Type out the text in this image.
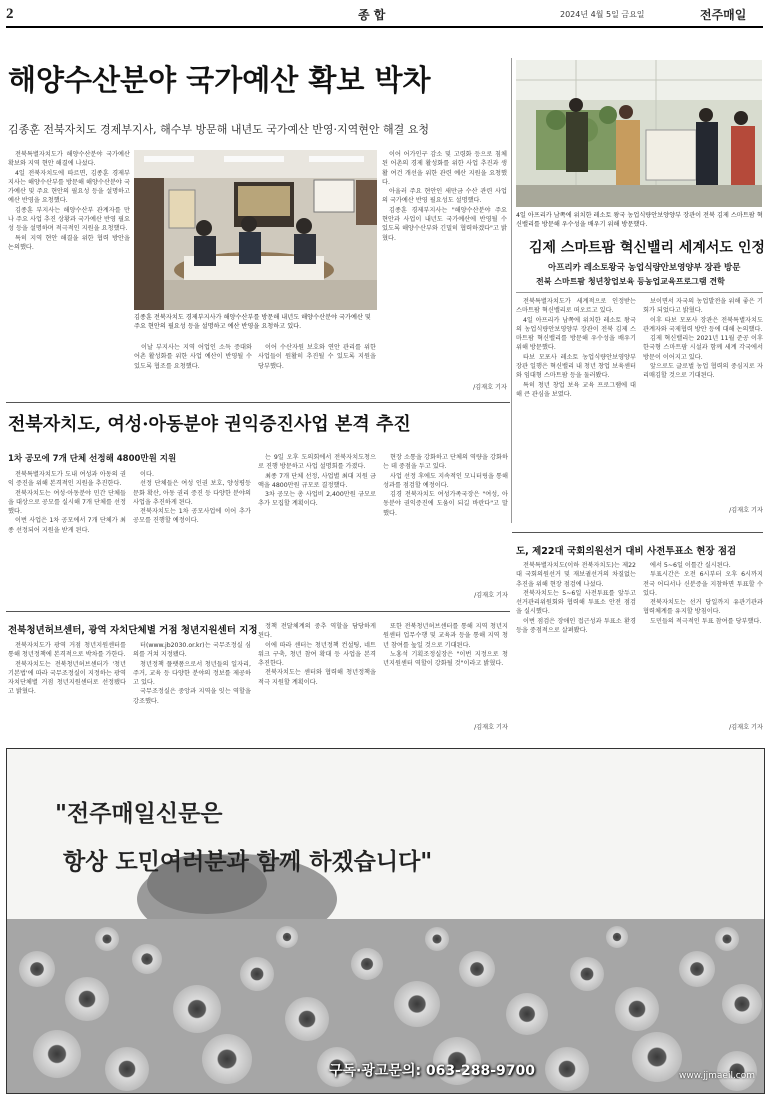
2	종 합	2024년 4월 5일 금요일	전주매일
해양수산분야 국가예산 확보 박차
김종훈 전북자치도 경제부지사, 해수부 방문해 내년도 국가예산 반영·지역현안 해결 요청

전북특별자치도가 해양수산분야 국가예산 확보와 지역 현안 해결에 나섰다.

4일 전북자치도에 따르면, 김종훈 경제부지사는 해양수산부를 방문해 해양수산분야 국가예산 및 주요 현안의 필요성 등을 설명하고 예산 반영을 요청했다.

김종훈 부지사는 해양수산부 관계자를 만나 주요 사업 추진 상황과 국가예산 반영 필요성 등을 설명하며 적극적인 지원을 요청했다.

특히 지역 현안 해결을 위한 협력 방안을 논의했다.

김종훈 전북자치도 경제부지사가 해양수산부를 방문해 내년도 해양수산분야 국가예산 및 주요 현안의 필요성 등을 설명하고 예산 반영을 요청하고 있다.

이날 부지사는 지역 어업인 소득 증대와 어촌 활성화를 위한 사업 예산이 반영될 수 있도록 협조를 요청했다.

이어 수산자원 보호와 연안 관리를 위한 사업들이 원활히 추진될 수 있도록 지원을 당부했다.

이어 어가인구 감소 및 고령화 등으로 침체된 어촌의 경제 활성화를 위한 사업 추진과 생활 여건 개선을 위한 관련 예산 지원을 요청했다.

아울러 주요 현안인 새만금 수산 관련 사업의 국가예산 반영 필요성도 설명했다.

김종훈 경제부지사는 "해양수산분야 주요 현안과 사업이 내년도 국가예산에 반영될 수 있도록 해양수산부와 긴밀히 협력하겠다"고 밝혔다.

/김재호 기자
4일 아프리카 남쪽에 위치한 레소토 왕국 농업식량안보양양부 장관이 전북 김제 스마트팜 혁신밸리를 방문해 우수성을 배우기 위해 방문했다.
김제 스마트팜 혁신밸리 세계서도 인정
아프리카 레소토왕국 농업식량안보영양부 장관 방문
전북 스마트팜 청년창업보육 등농업교육프로그램 견학

전북특별자치도가 세계적으로 인정받는 스마트팜 혁신밸리로 떠오르고 있다.

4일 아프리카 남쪽에 위치한 레소토 왕국의 농업식량안보영양부 장관이 전북 김제 스마트팜 혁신밸리를 방문해 우수성을 배우기 위해 방문했다.

타보 모포사 레소토 농업식량안보영양부 장관 일행은 혁신밸리 내 청년 창업 보육센터와 임대형 스마트팜 등을 둘러봤다.

특히 청년 창업 보육 교육 프로그램에 대해 큰 관심을 보였다.

보이면서 자국의 농업발전을 위해 좋은 기회가 되었다고 밝혔다.

이후 타보 모포사 장관은 전북특별자치도 관계자와 국제협력 방안 등에 대해 논의했다.

김제 혁신밸리는 2021년 11월 준공 이후 한국형 스마트팜 시설과 함께 세계 각국에서 방문이 이어지고 있다.

앞으로도 글로벌 농업 협력의 중심지로 자리매김할 것으로 기대된다.

/김재호 기자
전북자치도, 여성·아동분야 권익증진사업 본격 추진
1차 공모에 7개 단체 선정해 4800만원 지원

전북특별자치도가 도내 여성과 아동의 권익 증진을 위해 본격적인 지원을 추진한다.

전북자치도는 여성·아동분야 민간 단체들을 대상으로 공모를 실시해 7개 단체를 선정했다.

이번 사업은 1차 공모에서 7개 단체가 최종 선정되어 지원을 받게 된다.

이다.

선정 단체들은 여성 인권 보호, 양성평등 문화 확산, 아동 권리 증진 등 다양한 분야의 사업을 추진하게 된다.

전북자치도는 1차 공모사업에 이어 추가 공모를 진행할 예정이다.

는 9일 오후 도의회에서 전북자치도청으로 진행 방문하고 사업 설명회를 가졌다.

최종 7개 단체 선정, 사업별 최대 지원 금액을 4800만원 규모로 결정했다.

3차 공모는 총 사업비 2,400만원 규모로 추가 모집할 계획이다.

현장 소통을 강화하고 단체의 역량을 강화하는 데 중점을 두고 있다.

사업 선정 후에도 지속적인 모니터링을 통해 성과를 점검할 예정이다.

김경 전북자치도 여성가족국장은 "여성, 아동분야 권익증진에 도움이 되길 바란다"고 말했다.

/김재호 기자
전북청년허브센터, 광역 자치단체별 거점 청년지원센터 지정

전북자치도가 광역 거점 청년지원센터를 통해 청년정책에 본격적으로 박차를 가한다.

전북자치도는 전북청년허브센터가 '청년기본법'에 따라 국무조정실이 지정하는 광역 자치단체별 거점 청년지원센터로 선정됐다고 밝혔다.

터(www.jb2030.or.kr)는 국무조정실 심의를 거쳐 지정됐다.

청년정책 플랫폼으로서 청년들의 일자리, 주거, 교육 등 다양한 분야의 정보를 제공하고 있다.

국무조정실은 중앙과 지역을 잇는 역할을 강조했다.

정책 전달체계의 중추 역할을 담당하게 된다.

이에 따라 센터는 청년정책 컨설팅, 네트워크 구축, 청년 참여 확대 등 사업을 본격 추진한다.

전북자치도는 센터와 협력해 청년정책을 적극 지원할 계획이다.

또한 전북청년허브센터를 통해 지역 청년지원센터 업무수행 및 교육과 등을 통해 지역 청년 참여를 높일 것으로 기대된다.

노홍석 기획조정실장은 "이번 지정으로 청년지원센터 역할이 강화될 것"이라고 밝혔다.

/김재호 기자
도, 제22대 국회의원선거 대비 사전투표소 현장 점검

전북특별자치도(이하 전북자치도)는 제22대 국회의원선거 및 재보궐선거의 차질없는 추진을 위해 현장 점검에 나섰다.

전북자치도는 5~6일 사전투표를 앞두고 선거관리위원회와 협력해 투표소 안전 점검을 실시했다.

이번 점검은 장애인 접근성과 투표소 환경 등을 중점적으로 살펴봤다.

에서 5~6일 이틀간 실시된다.

투표시간은 오전 6시부터 오후 6시까지 전국 어디서나 신분증을 지참하면 투표할 수 있다.

전북자치도는 선거 당일까지 유관기관과 협력체계를 유지할 방침이다.

도민들의 적극적인 투표 참여를 당부했다.

/김재호 기자
"전주매일신문은
항상 도민여러분과 함께 하겠습니다"
구독·광고문의: 063-288-9700	www.jjmaeil.com
